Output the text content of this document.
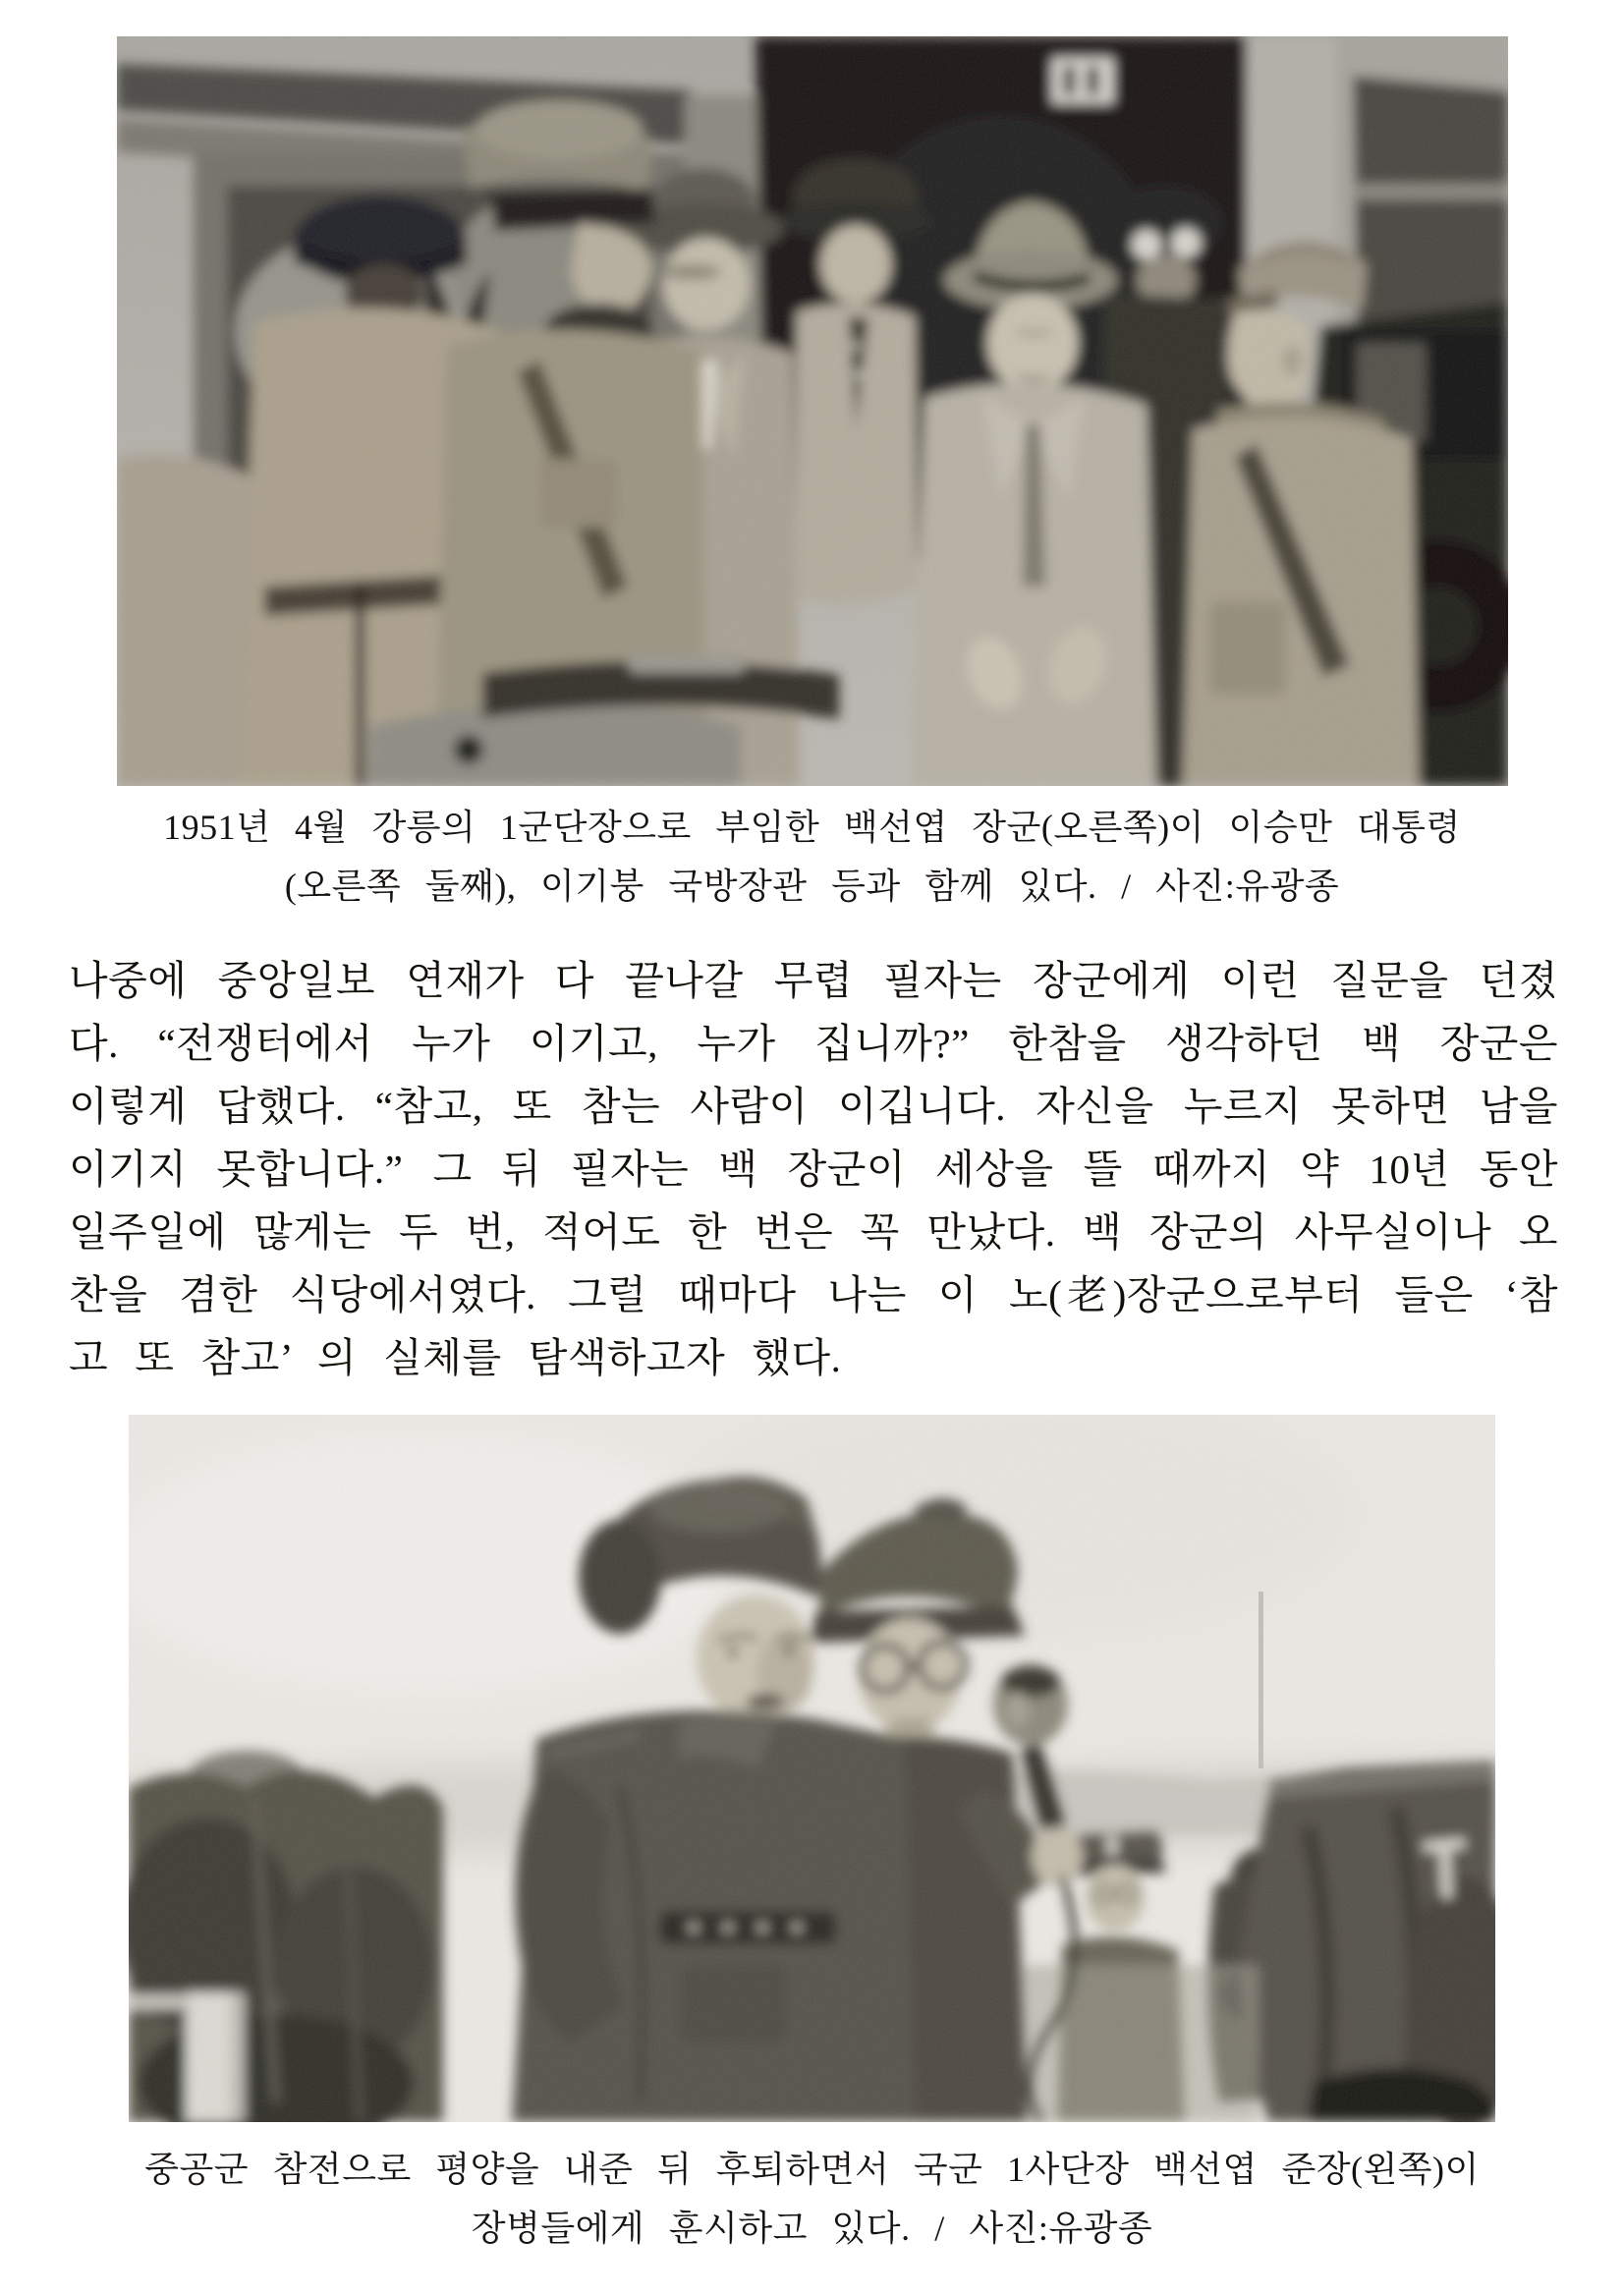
1951년 4월 강릉의 1군단장으로 부임한 백선엽 장군(오른쪽)이 이승만 대통령
(오른쪽 둘째), 이기붕 국방장관 등과 함께 있다. / 사진:유광종
나중에 중앙일보 연재가 다 끝나갈 무렵 필자는 장군에게 이런 질문을 던졌
다. “전쟁터에서 누가 이기고, 누가 집니까?” 한참을 생각하던 백 장군은
이렇게 답했다. “참고, 또 참는 사람이 이깁니다. 자신을 누르지 못하면 남을
이기지 못합니다.” 그 뒤 필자는 백 장군이 세상을 뜰 때까지 약 10년 동안
일주일에 많게는 두 번, 적어도 한 번은 꼭 만났다. 백 장군의 사무실이나 오
찬을 겸한 식당에서였다. 그럴 때마다 나는 이 노(老)장군으로부터 들은 ‘참
고 또 참고’ 의 실체를 탐색하고자 했다.
중공군 참전으로 평양을 내준 뒤 후퇴하면서 국군 1사단장 백선엽 준장(왼쪽)이
장병들에게 훈시하고 있다. / 사진:유광종
